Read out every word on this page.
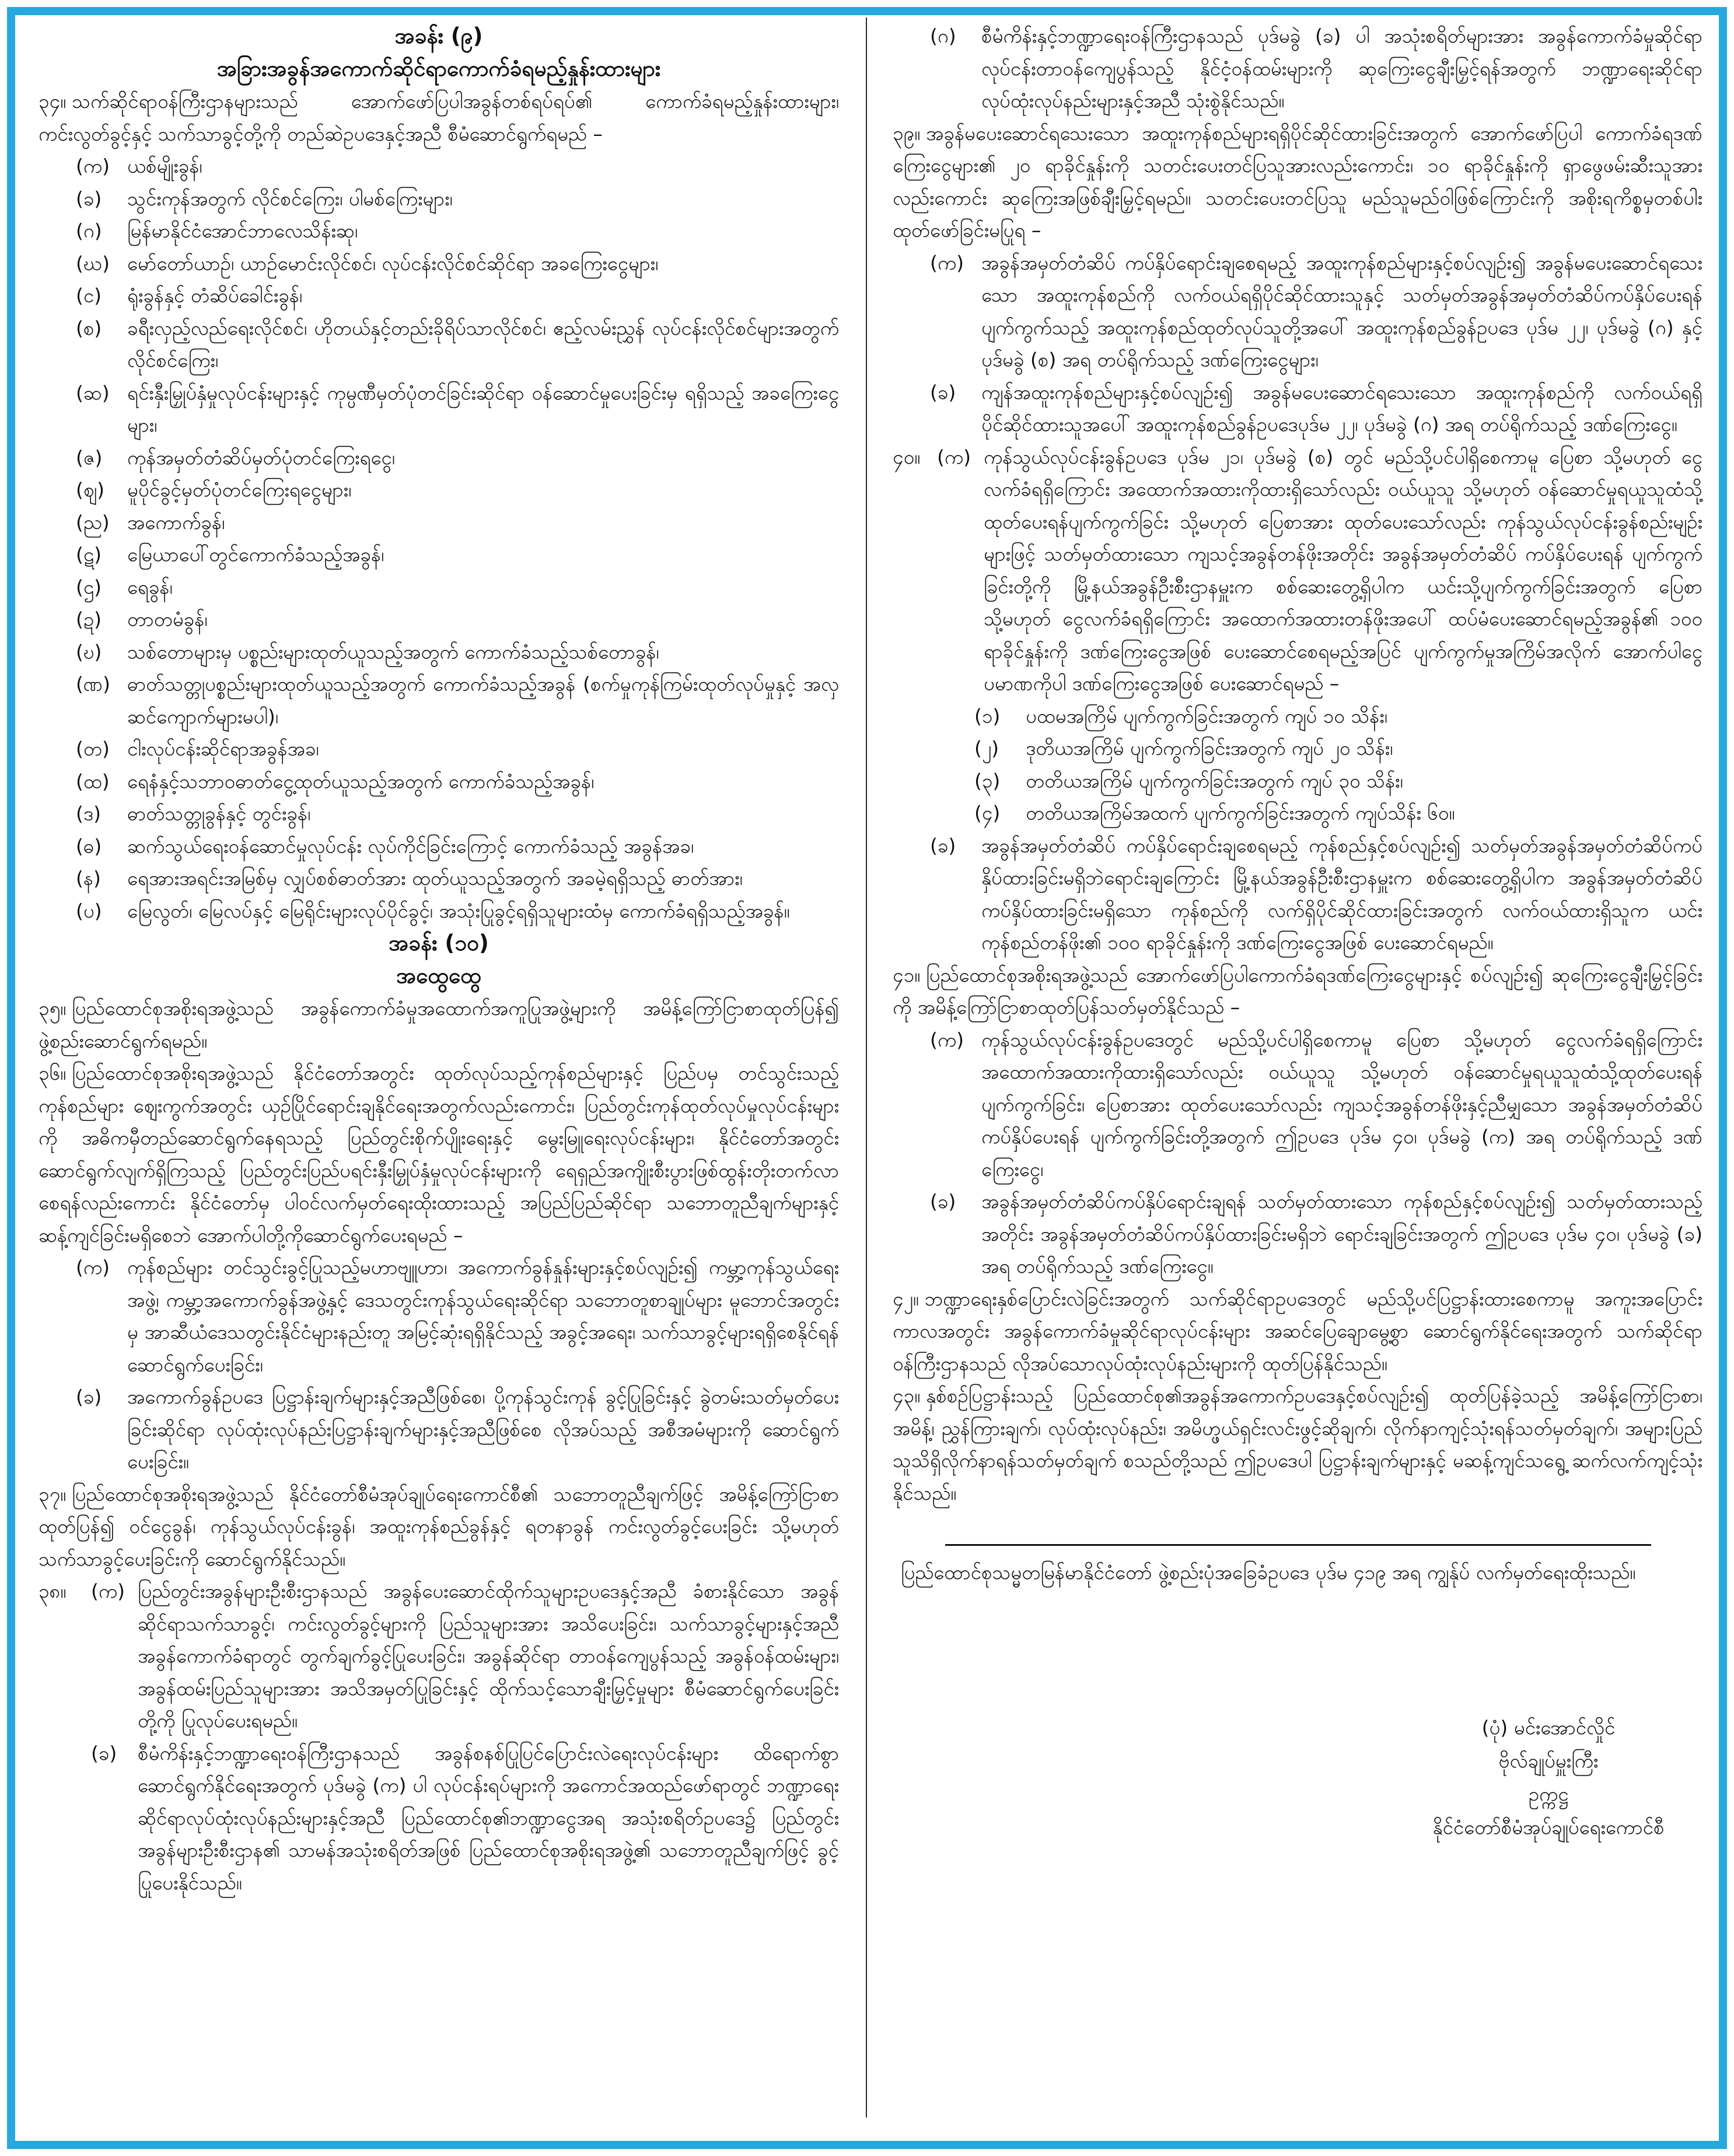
အခန်း (၉)
အခြားအခွန်အကောက်ဆိုင်ရာကောက်ခံရမည့်နှုန်းထားများ
၃၄။ သက်ဆိုင်ရာဝန်ကြီးဌာနများသည် အောက်ဖော်ပြပါအခွန်တစ်ရပ်ရပ်၏ ကောက်ခံရမည့်နှုန်းထားများ၊ ကင်းလွတ်ခွင့်နှင့် သက်သာခွင့်တို့ကို တည်ဆဲဥပဒေနှင့်အညီ စီမံဆောင်ရွက်ရမည် –
(က) ယစ်မျိုးခွန်၊
(ခ)	သွင်းကုန်အတွက် လိုင်စင်ကြေး၊ ပါမစ်ကြေးများ၊
(ဂ)	မြန်မာနိုင်ငံအောင်ဘာလေသိန်းဆု၊
(ဃ) မော်တော်ယာဉ်၊ ယာဉ်မောင်းလိုင်စင်၊ လုပ်ငန်းလိုင်စင်ဆိုင်ရာ အခကြေးငွေများ၊
(င)	ရုံးခွန်နှင့် တံဆိပ်ခေါင်းခွန်၊
(စ)	ခရီးလှည့်လည်ရေးလိုင်စင်၊ ဟိုတယ်နှင့်တည်းခိုရိပ်သာလိုင်စင်၊ ဧည့်လမ်းညွှန် လုပ်ငန်းလိုင်စင်များအတွက် လိုင်စင်ကြေး၊
(ဆ) ရင်းနှီးမြှုပ်နှံမှုလုပ်ငန်းများနှင့် ကုမ္ပဏီမှတ်ပုံတင်ခြင်းဆိုင်ရာ ဝန်ဆောင်မှုပေးခြင်းမှ ရရှိသည့် အခကြေးငွေများ၊
(ဇ)	ကုန်အမှတ်တံဆိပ်မှတ်ပုံတင်ကြေးရငွေ၊
(ဈ)	မူပိုင်ခွင့်မှတ်ပုံတင်ကြေးရငွေများ၊
(ည) အကောက်ခွန်၊
(ဋ)	မြေယာပေါ်တွင်ကောက်ခံသည့်အခွန်၊
(ဌ)	ရေခွန်၊
(ဍ)	တာတမံခွန်၊
(ဎ)	သစ်တောများမှ ပစ္စည်းများထုတ်ယူသည့်အတွက် ကောက်ခံသည့်သစ်တောခွန်၊
(ဏ) ဓာတ်သတ္တုပစ္စည်းများထုတ်ယူသည့်အတွက် ကောက်ခံသည့်အခွန် (စက်မှုကုန်ကြမ်းထုတ်လုပ်မှုနှင့် အလှဆင်ကျောက်များမပါ)၊
(တ) ငါးလုပ်ငန်းဆိုင်ရာအခွန်အခ၊
(ထ) ရေနံနှင့်သဘာဝဓာတ်ငွေ့ထုတ်ယူသည့်အတွက် ကောက်ခံသည့်အခွန်၊
(ဒ)	ဓာတ်သတ္တုခွန်နှင့် တွင်းခွန်၊
(ဓ)	ဆက်သွယ်ရေးဝန်ဆောင်မှုလုပ်ငန်း လုပ်ကိုင်ခြင်းကြောင့် ကောက်ခံသည့် အခွန်အခ၊
(န)	ရေအားအရင်းအမြစ်မှ လျှပ်စစ်ဓာတ်အား ထုတ်ယူသည့်အတွက် အခမဲ့ရရှိသည့် ဓာတ်အား၊
(ပ)	မြေလွတ်၊ မြေလပ်နှင့် မြေရိုင်းများလုပ်ပိုင်ခွင့်၊ အသုံးပြုခွင့်ရရှိသူများထံမှ ကောက်ခံရရှိသည့်အခွန်။
အခန်း (၁၀)
အထွေထွေ
၃၅။ ပြည်ထောင်စုအစိုးရအဖွဲ့သည် အခွန်ကောက်ခံမှုအထောက်အကူပြုအဖွဲ့များကို အမိန့်ကြော်ငြာစာထုတ်ပြန်၍ ဖွဲ့စည်းဆောင်ရွက်ရမည်။
၃၆။ ပြည်ထောင်စုအစိုးရအဖွဲ့သည် နိုင်ငံတော်အတွင်း ထုတ်လုပ်သည့်ကုန်စည်များနှင့် ပြည်ပမှ တင်သွင်းသည့်ကုန်စည်များ ဈေးကွက်အတွင်း ယှဉ်ပြိုင်ရောင်းချနိုင်ရေးအတွက်လည်းကောင်း၊ ပြည်တွင်းကုန်ထုတ်လုပ်မှုလုပ်ငန်းများကို အဓိကမှီတည်ဆောင်ရွက်နေရသည့် ပြည်တွင်းစိုက်ပျိုးရေးနှင့် မွေးမြူရေးလုပ်ငန်းများ၊ နိုင်ငံတော်အတွင်း ဆောင်ရွက်လျက်ရှိကြသည့် ပြည်တွင်းပြည်ပရင်းနှီးမြှုပ်နှံမှုလုပ်ငန်းများကို ရေရှည်အကျိုးစီးပွားဖြစ်ထွန်းတိုးတက်လာစေရန်လည်းကောင်း နိုင်ငံတော်မှ ပါဝင်လက်မှတ်ရေးထိုးထားသည့် အပြည်ပြည်ဆိုင်ရာ သဘောတူညီချက်များနှင့် ဆန့်ကျင်ခြင်းမရှိစေဘဲ အောက်ပါတို့ကိုဆောင်ရွက်ပေးရမည် –
(က) ကုန်စည်များ တင်သွင်းခွင့်ပြုသည့်မဟာဗျူဟာ၊ အကောက်ခွန်နှုန်းများနှင့်စပ်လျဉ်း၍ ကမ္ဘာ့ကုန်သွယ်ရေးအဖွဲ့၊ ကမ္ဘာ့အကောက်ခွန်အဖွဲ့နှင့် ဒေသတွင်းကုန်သွယ်ရေးဆိုင်ရာ သဘောတူစာချုပ်များ မူဘောင်အတွင်းမှ အာဆီယံဒေသတွင်းနိုင်ငံများနည်းတူ အမြင့်ဆုံးရရှိနိုင်သည့် အခွင့်အရေး၊ သက်သာခွင့်များရရှိစေနိုင်ရန် ဆောင်ရွက်ပေးခြင်း၊
(ခ)	အကောက်ခွန်ဥပဒေ ပြဋ္ဌာန်းချက်များနှင့်အညီဖြစ်စေ၊ ပို့ကုန်သွင်းကုန် ခွင့်ပြုခြင်းနှင့် ခွဲတမ်းသတ်မှတ်ပေးခြင်းဆိုင်ရာ လုပ်ထုံးလုပ်နည်းပြဋ္ဌာန်းချက်များနှင့်အညီဖြစ်စေ လိုအပ်သည့် အစီအမံများကို ဆောင်ရွက်ပေးခြင်း။
၃၇။ ပြည်ထောင်စုအစိုးရအဖွဲ့သည် နိုင်ငံတော်စီမံအုပ်ချုပ်ရေးကောင်စီ၏ သဘောတူညီချက်ဖြင့် အမိန့်ကြော်ငြာစာထုတ်ပြန်၍ ဝင်ငွေခွန်၊ ကုန်သွယ်လုပ်ငန်းခွန်၊ အထူးကုန်စည်ခွန်နှင့် ရတနာခွန် ကင်းလွတ်ခွင့်ပေးခြင်း သို့မဟုတ် သက်သာခွင့်ပေးခြင်းကို ဆောင်ရွက်နိုင်သည်။
၃၈။	(က) ပြည်တွင်းအခွန်များဦးစီးဌာနသည် အခွန်ပေးဆောင်ထိုက်သူများဥပဒေနှင့်အညီ ခံစားနိုင်သော အခွန်ဆိုင်ရာသက်သာခွင့်၊ ကင်းလွတ်ခွင့်များကို ပြည်သူများအား အသိပေးခြင်း၊ သက်သာခွင့်များနှင့်အညီ အခွန်ကောက်ခံရာတွင် တွက်ချက်ခွင့်ပြုပေးခြင်း၊ အခွန်ဆိုင်ရာ တာဝန်ကျေပွန်သည့် အခွန်ဝန်ထမ်းများ၊ အခွန်ထမ်းပြည်သူများအား အသိအမှတ်ပြုခြင်းနှင့် ထိုက်သင့်သောချီးမြှင့်မှုများ စီမံဆောင်ရွက်ပေးခြင်းတို့ကို ပြုလုပ်ပေးရမည်။
(ခ)	စီမံကိန်းနှင့်ဘဏ္ဍာရေးဝန်ကြီးဌာနသည် အခွန်စနစ်ပြုပြင်ပြောင်းလဲရေးလုပ်ငန်းများ ထိရောက်စွာဆောင်ရွက်နိုင်ရေးအတွက် ပုဒ်မခွဲ (က) ပါ လုပ်ငန်းရပ်များကို အကောင်အထည်ဖော်ရာတွင် ဘဏ္ဍာရေးဆိုင်ရာလုပ်ထုံးလုပ်နည်းများနှင့်အညီ ပြည်ထောင်စု၏ဘဏ္ဍာငွေအရ အသုံးစရိတ်ဥပဒေ၌ ပြည်တွင်းအခွန်များဦးစီးဌာန၏ သာမန်အသုံးစရိတ်အဖြစ် ပြည်ထောင်စုအစိုးရအဖွဲ့၏ သဘောတူညီချက်ဖြင့် ခွင့်ပြုပေးနိုင်သည်။
(ဂ)	စီမံကိန်းနှင့်ဘဏ္ဍာရေးဝန်ကြီးဌာနသည် ပုဒ်မခွဲ (ခ) ပါ အသုံးစရိတ်များအား အခွန်ကောက်ခံမှုဆိုင်ရာ လုပ်ငန်းတာဝန်ကျေပွန်သည့် နိုင်ငံ့ဝန်ထမ်းများကို ဆုကြေးငွေချီးမြှင့်ရန်အတွက် ဘဏ္ဍာရေးဆိုင်ရာလုပ်ထုံးလုပ်နည်းများနှင့်အညီ သုံးစွဲနိုင်သည်။
၃၉။ အခွန်မပေးဆောင်ရသေးသော အထူးကုန်စည်များရရှိပိုင်ဆိုင်ထားခြင်းအတွက် အောက်ဖော်ပြပါ ကောက်ခံရဒဏ်ကြေးငွေများ၏ ၂၀ ရာခိုင်နှုန်းကို သတင်းပေးတင်ပြသူအားလည်းကောင်း၊ ၁၀ ရာခိုင်နှုန်းကို ရှာဖွေဖမ်းဆီးသူအားလည်းကောင်း ဆုကြေးအဖြစ်ချီးမြှင့်ရမည်။ သတင်းပေးတင်ပြသူ မည်သူမည်ဝါဖြစ်ကြောင်းကို အစိုးရကိစ္စမှတစ်ပါး ထုတ်ဖော်ခြင်းမပြုရ –
(က) အခွန်အမှတ်တံဆိပ် ကပ်နှိပ်ရောင်းချစေရမည့် အထူးကုန်စည်များနှင့်စပ်လျဉ်း၍ အခွန်မပေးဆောင်ရသေးသော အထူးကုန်စည်ကို လက်ဝယ်ရရှိပိုင်ဆိုင်ထားသူနှင့် သတ်မှတ်အခွန်အမှတ်တံဆိပ်ကပ်နှိပ်ပေးရန် ပျက်ကွက်သည့် အထူးကုန်စည်ထုတ်လုပ်သူတို့အပေါ် အထူးကုန်စည်ခွန်ဥပဒေ ပုဒ်မ ၂၂၊ ပုဒ်မခွဲ (ဂ) နှင့် ပုဒ်မခွဲ (စ) အရ တပ်ရိုက်သည့် ဒဏ်ကြေးငွေများ၊
(ခ)	ကျန်အထူးကုန်စည်များနှင့်စပ်လျဉ်း၍ အခွန်မပေးဆောင်ရသေးသော အထူးကုန်စည်ကို လက်ဝယ်ရရှိပိုင်ဆိုင်ထားသူအပေါ် အထူးကုန်စည်ခွန်ဥပဒေပုဒ်မ ၂၂၊ ပုဒ်မခွဲ (ဂ) အရ တပ်ရိုက်သည့် ဒဏ်ကြေးငွေ။
၄၀။ (က) ကုန်သွယ်လုပ်ငန်းခွန်ဥပဒေ ပုဒ်မ ၂၁၊ ပုဒ်မခွဲ (စ) တွင် မည်သို့ပင်ပါရှိစေကာမူ ပြေစာ သို့မဟုတ် ငွေလက်ခံရရှိကြောင်း အထောက်အထားကိုထားရှိသော်လည်း ဝယ်ယူသူ သို့မဟုတ် ဝန်ဆောင်မှုရယူသူထံသို့ ထုတ်ပေးရန်ပျက်ကွက်ခြင်း သို့မဟုတ် ပြေစာအား ထုတ်ပေးသော်လည်း ကုန်သွယ်လုပ်ငန်းခွန်စည်းမျဉ်းများဖြင့် သတ်မှတ်ထားသော ကျသင့်အခွန်တန်ဖိုးအတိုင်း အခွန်အမှတ်တံဆိပ် ကပ်နှိပ်ပေးရန် ပျက်ကွက်ခြင်းတို့ကို မြို့နယ်အခွန်ဦးစီးဌာနမှူးက စစ်ဆေးတွေ့ရှိပါက ယင်းသို့ပျက်ကွက်ခြင်းအတွက် ပြေစာ သို့မဟုတ် ငွေလက်ခံရရှိကြောင်း အထောက်အထားတန်ဖိုးအပေါ် ထပ်မံပေးဆောင်ရမည့်အခွန်၏ ၁၀၀ ရာခိုင်နှုန်းကို ဒဏ်ကြေးငွေအဖြစ် ပေးဆောင်စေရမည့်အပြင် ပျက်ကွက်မှုအကြိမ်အလိုက် အောက်ပါငွေပမာဏကိုပါ ဒဏ်ကြေးငွေအဖြစ် ပေးဆောင်ရမည် –
(၁)	ပထမအကြိမ် ပျက်ကွက်ခြင်းအတွက် ကျပ် ၁၀ သိန်း၊
(၂)	ဒုတိယအကြိမ် ပျက်ကွက်ခြင်းအတွက် ကျပ် ၂၀ သိန်း၊
(၃)	တတိယအကြိမ် ပျက်ကွက်ခြင်းအတွက် ကျပ် ၃၀ သိန်း၊
(၄)	တတိယအကြိမ်အထက် ပျက်ကွက်ခြင်းအတွက် ကျပ်သိန်း ၆၀။
(ခ)	အခွန်အမှတ်တံဆိပ် ကပ်နှိပ်ရောင်းချစေရမည့် ကုန်စည်နှင့်စပ်လျဉ်း၍ သတ်မှတ်အခွန်အမှတ်တံဆိပ်ကပ်နှိပ်ထားခြင်းမရှိဘဲရောင်းချကြောင်း မြို့နယ်အခွန်ဦးစီးဌာနမှူးက စစ်ဆေးတွေ့ရှိပါက အခွန်အမှတ်တံဆိပ် ကပ်နှိပ်ထားခြင်းမရှိသော ကုန်စည်ကို လက်ရှိပိုင်ဆိုင်ထားခြင်းအတွက် လက်ဝယ်ထားရှိသူက ယင်းကုန်စည်တန်ဖိုး၏ ၁၀၀ ရာခိုင်နှုန်းကို ဒဏ်ကြေးငွေအဖြစ် ပေးဆောင်ရမည်။
၄၁။ ပြည်ထောင်စုအစိုးရအဖွဲ့သည် အောက်ဖော်ပြပါကောက်ခံရဒဏ်ကြေးငွေများနှင့် စပ်လျဉ်း၍ ဆုကြေးငွေချီးမြှင့်ခြင်းကို အမိန့်ကြော်ငြာစာထုတ်ပြန်သတ်မှတ်နိုင်သည် –
(က) ကုန်သွယ်လုပ်ငန်းခွန်ဥပဒေတွင် မည်သို့ပင်ပါရှိစေကာမူ ပြေစာ သို့မဟုတ် ငွေလက်ခံရရှိကြောင်း အထောက်အထားကိုထားရှိသော်လည်း ဝယ်ယူသူ သို့မဟုတ် ဝန်ဆောင်မှုရယူသူထံသို့ထုတ်ပေးရန် ပျက်ကွက်ခြင်း၊ ပြေစာအား ထုတ်ပေးသော်လည်း ကျသင့်အခွန်တန်ဖိုးနှင့်ညီမျှသော အခွန်အမှတ်တံဆိပ်ကပ်နှိပ်ပေးရန် ပျက်ကွက်ခြင်းတို့အတွက် ဤဥပဒေ ပုဒ်မ ၄၀၊ ပုဒ်မခွဲ (က) အရ တပ်ရိုက်သည့် ဒဏ်ကြေးငွေ၊
(ခ)	အခွန်အမှတ်တံဆိပ်ကပ်နှိပ်ရောင်းချရန် သတ်မှတ်ထားသော ကုန်စည်နှင့်စပ်လျဉ်း၍ သတ်မှတ်ထားသည့်အတိုင်း အခွန်အမှတ်တံဆိပ်ကပ်နှိပ်ထားခြင်းမရှိဘဲ ရောင်းချခြင်းအတွက် ဤဥပဒေ ပုဒ်မ ၄၀၊ ပုဒ်မခွဲ (ခ) အရ တပ်ရိုက်သည့် ဒဏ်ကြေးငွေ။
၄၂။ ဘဏ္ဍာရေးနှစ်ပြောင်းလဲခြင်းအတွက် သက်ဆိုင်ရာဥပဒေတွင် မည်သို့ပင်ပြဋ္ဌာန်းထားစေကာမူ အကူးအပြောင်းကာလအတွင်း အခွန်ကောက်ခံမှုဆိုင်ရာလုပ်ငန်းများ အဆင်ပြေချောမွေ့စွာ ဆောင်ရွက်နိုင်ရေးအတွက် သက်ဆိုင်ရာဝန်ကြီးဌာနသည် လိုအပ်သောလုပ်ထုံးလုပ်နည်းများကို ထုတ်ပြန်နိုင်သည်။
၄၃။ နှစ်စဉ်ပြဋ္ဌာန်းသည့် ပြည်ထောင်စု၏အခွန်အကောက်ဥပဒေနှင့်စပ်လျဉ်း၍ ထုတ်ပြန်ခဲ့သည့် အမိန့်ကြော်ငြာစာ၊ အမိန့်၊ ညွှန်ကြားချက်၊ လုပ်ထုံးလုပ်နည်း၊ အမိဟ္ဖယ်ရှင်းလင်းဖွင့်ဆိုချက်၊ လိုက်နာကျင့်သုံးရန်သတ်မှတ်ချက်၊ အများပြည်သူသိရှိလိုက်နာရန်သတ်မှတ်ချက် စသည်တို့သည် ဤဥပဒေပါ ပြဋ္ဌာန်းချက်များနှင့် မဆန့်ကျင်သရွေ့ ဆက်လက်ကျင့်သုံးနိုင်သည်။
ပြည်ထောင်စုသမ္မတမြန်မာနိုင်ငံတော် ဖွဲ့စည်းပုံအခြေခံဥပဒေ ပုဒ်မ ၄၁၉ အရ ကျွန်ုပ် လက်မှတ်ရေးထိုးသည်။
(ပုံ) မင်းအောင်လှိုင်
ဗိုလ်ချုပ်မှူးကြီး
ဥက္ကဋ္ဌ
နိုင်ငံတော်စီမံအုပ်ချုပ်ရေးကောင်စီ
